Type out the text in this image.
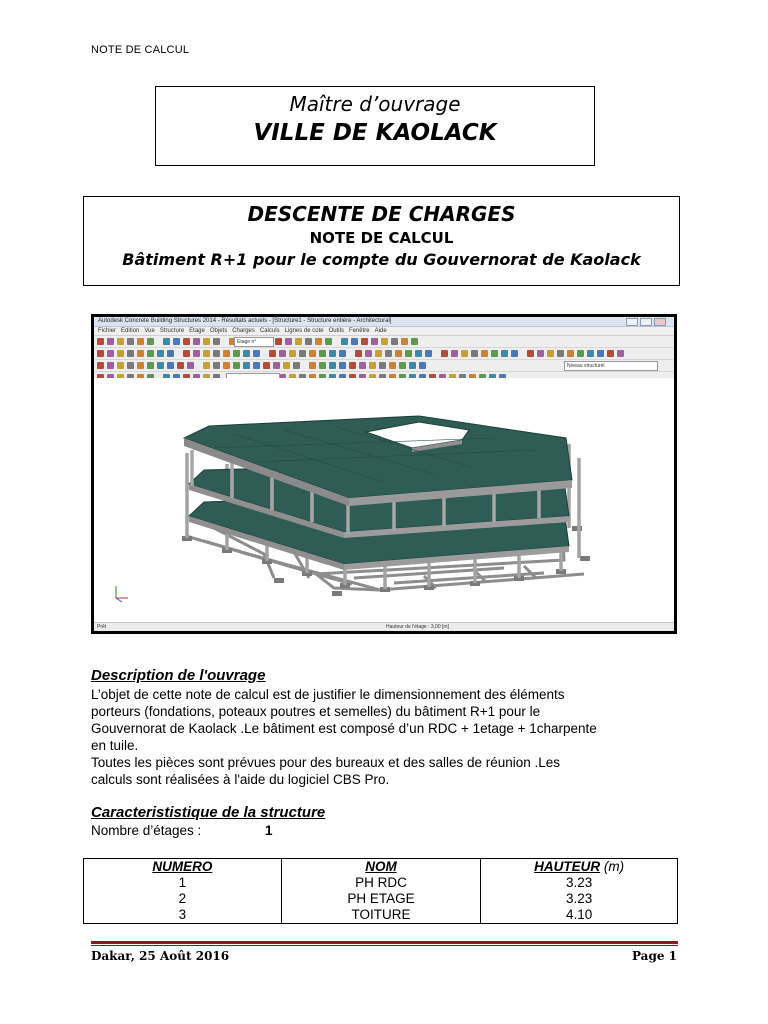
NOTE DE CALCUL
Maître d’ouvrage
VILLE DE KAOLACK
DESCENTE DE CHARGES
NOTE DE CALCUL
Bâtiment R+1 pour le compte du Gouvernorat de Kaolack
Autodesk Concrete Building Structures 2014 - Résultats actuels - [Structure1 - Structure entière - Architectural]
Fichier Edition Vue Structure Etage Objets Charges Calculs Lignes de cote Outils Fenêtre Aide
Etage n°
Niveau structurel
Prêt	Hauteur de l'étage : 3,00 [m]
Description de l'ouvrage
L’objet de cette note de calcul est de justifier le dimensionnement des éléments
porteurs (fondations, poteaux poutres et semelles) du bâtiment R+1 pour le
Gouvernorat de Kaolack .Le bâtiment est composé d’un RDC + 1etage + 1charpente
en tuile.
Toutes les pièces sont prévues pour des bureaux et des salles de réunion .Les
calculs sont réalisées à l'aide du logiciel CBS Pro.
Caracterististique de la structure
Nombre d’étages :	1
NUMERO	NOM	HAUTEUR (m)
1	PH RDC	3.23
2	PH ETAGE	3.23
3	TOITURE	4.10
Dakar, 25 Août 2016	Page 1
